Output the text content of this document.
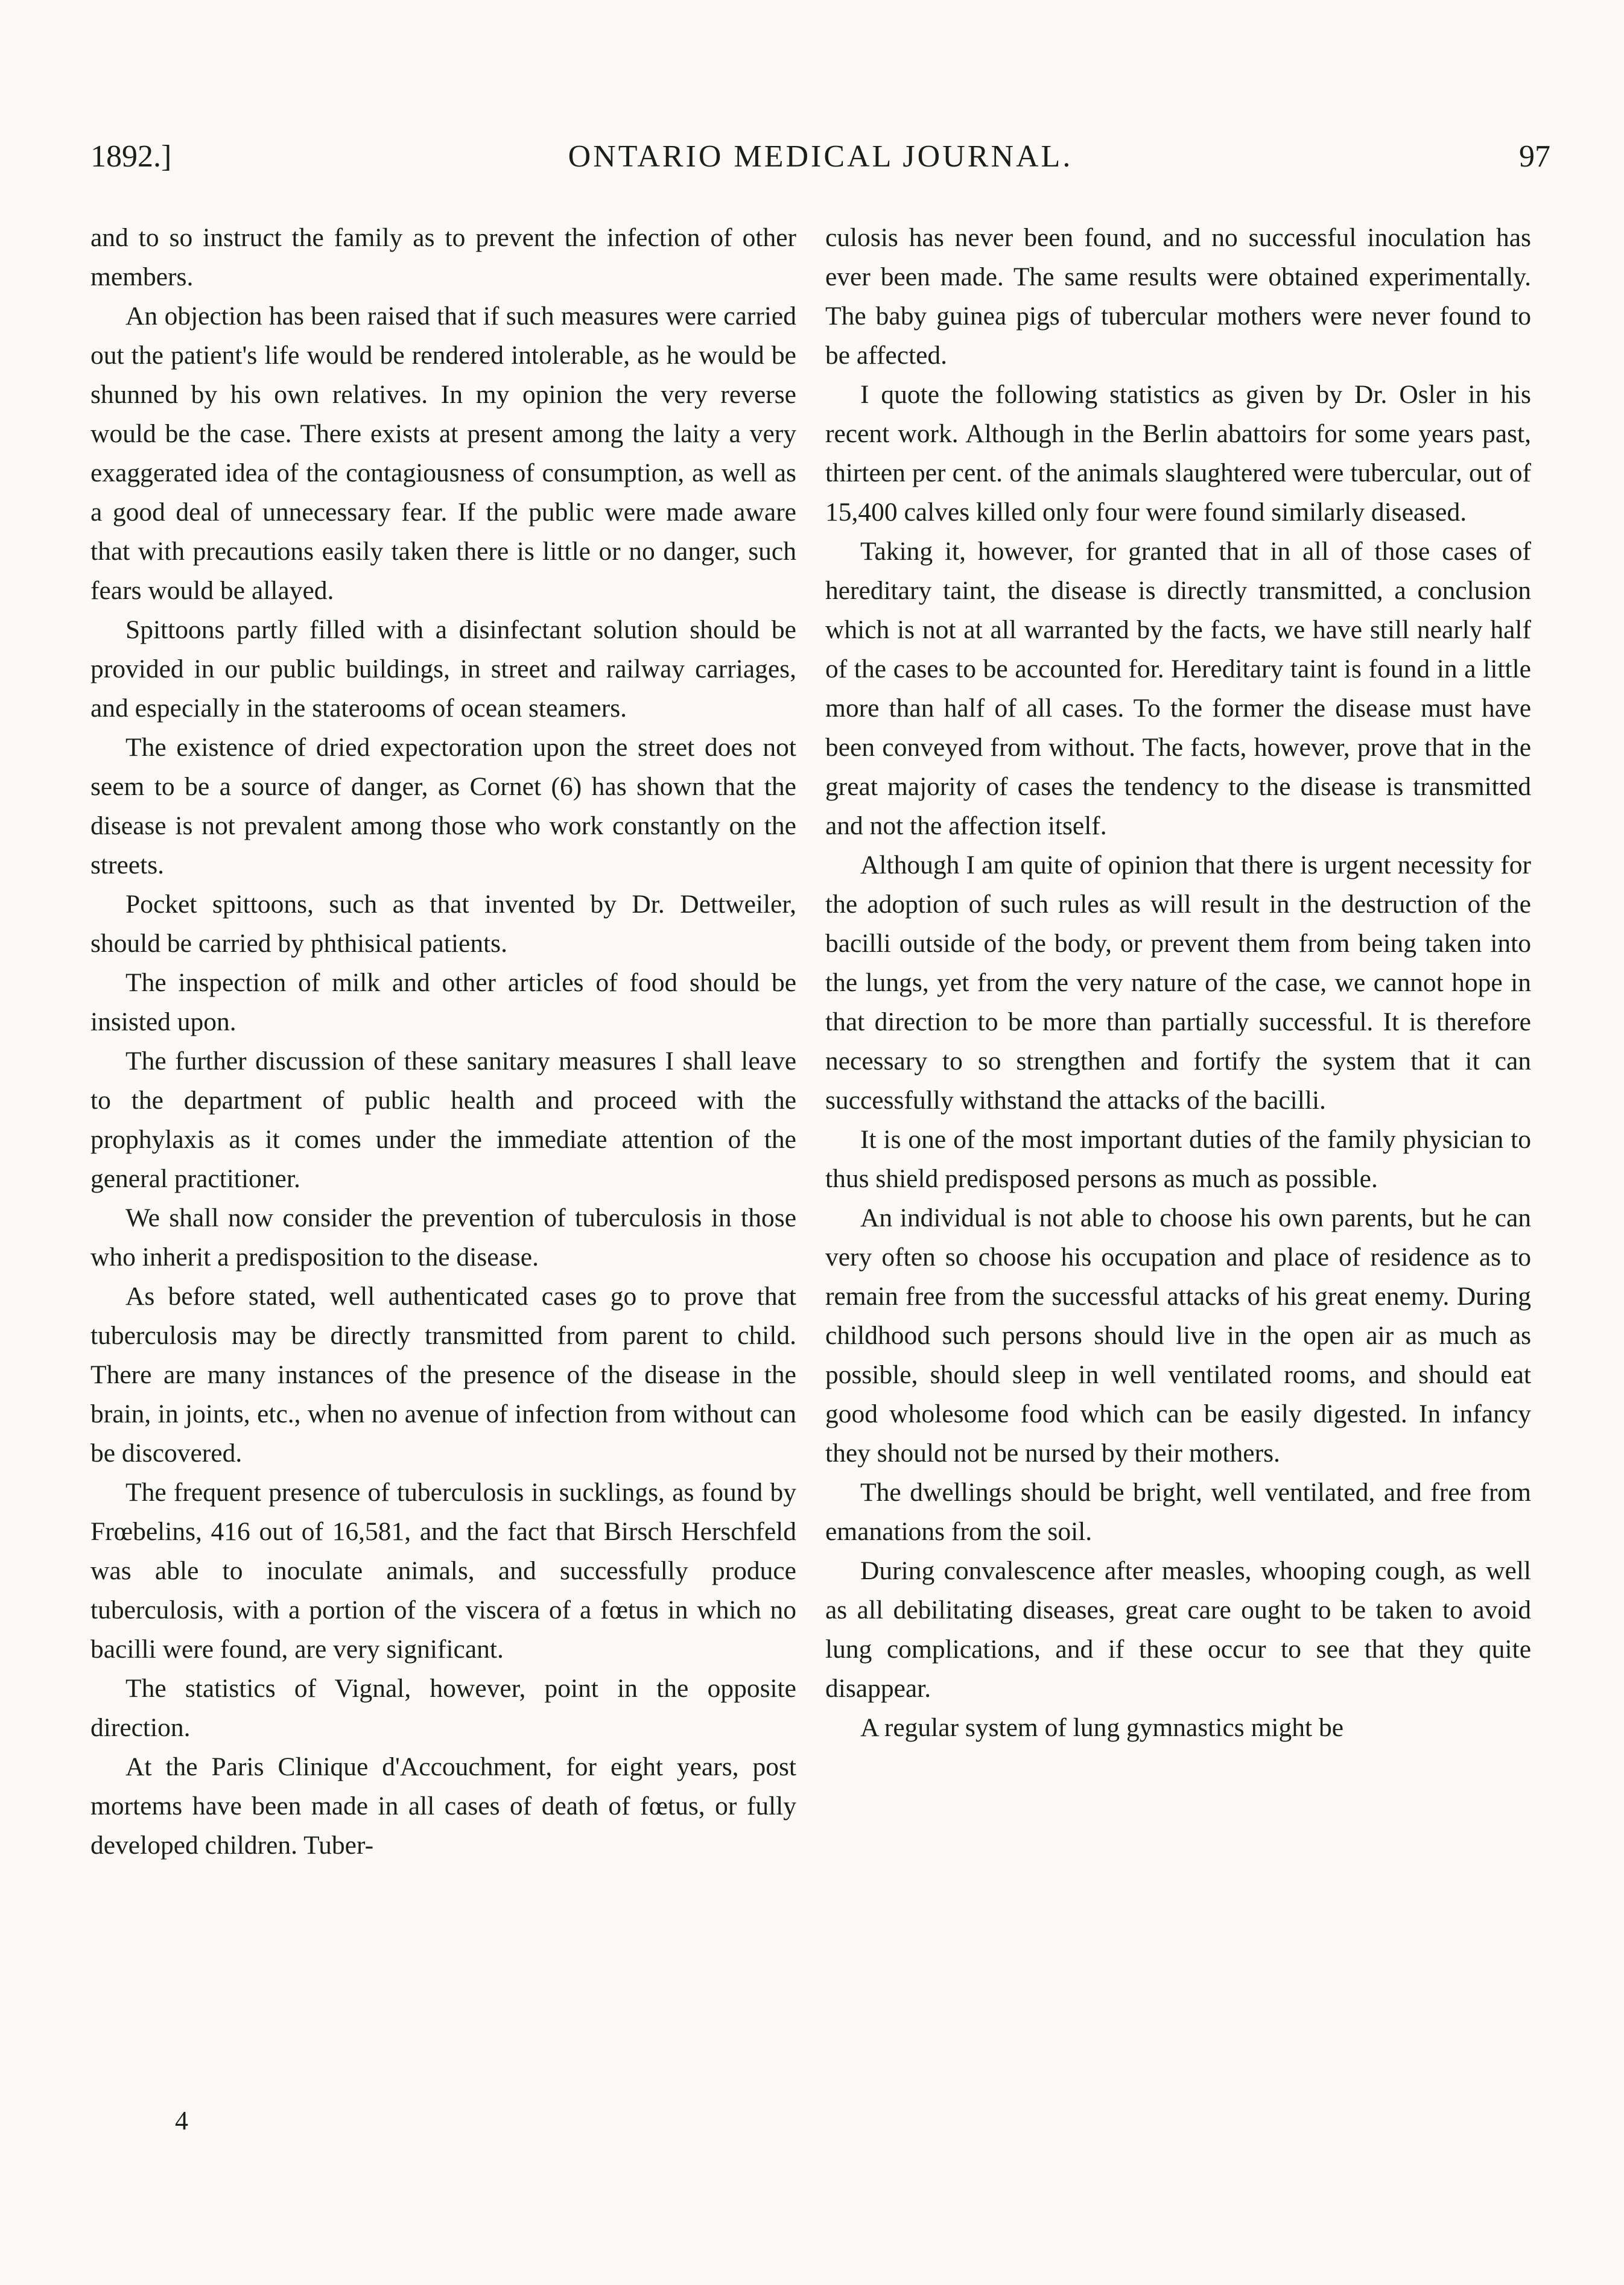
1892.]	ONTARIO MEDICAL JOURNAL.	97

and to so instruct the family as to prevent the infection of other members.

An objection has been raised that if such measures were carried out the patient's life would be rendered intolerable, as he would be shunned by his own relatives. In my opinion the very reverse would be the case. There exists at present among the laity a very exaggerated idea of the contagiousness of consumption, as well as a good deal of unnecessary fear. If the public were made aware that with precautions easily taken there is little or no danger, such fears would be allayed.

Spittoons partly filled with a disinfectant solution should be provided in our public buildings, in street and railway carriages, and especially in the staterooms of ocean steamers.

The existence of dried expectoration upon the street does not seem to be a source of danger, as Cornet (6) has shown that the disease is not prevalent among those who work constantly on the streets.

Pocket spittoons, such as that invented by Dr. Dettweiler, should be carried by phthisical patients.

The inspection of milk and other articles of food should be insisted upon.

The further discussion of these sanitary measures I shall leave to the department of public health and proceed with the prophylaxis as it comes under the immediate attention of the general practitioner.

We shall now consider the prevention of tuberculosis in those who inherit a predisposition to the disease.

As before stated, well authenticated cases go to prove that tuberculosis may be directly transmitted from parent to child. There are many instances of the presence of the disease in the brain, in joints, etc., when no avenue of infection from without can be discovered.

The frequent presence of tuberculosis in sucklings, as found by Frœbelins, 416 out of 16,581, and the fact that Birsch Herschfeld was able to inoculate animals, and successfully produce tuberculosis, with a portion of the viscera of a fœtus in which no bacilli were found, are very significant.

The statistics of Vignal, however, point in the opposite direction.

At the Paris Clinique d'Accouchment, for eight years, post mortems have been made in all cases of death of fœtus, or fully developed children. Tuber-

culosis has never been found, and no successful inoculation has ever been made. The same results were obtained experimentally. The baby guinea pigs of tubercular mothers were never found to be affected.

I quote the following statistics as given by Dr. Osler in his recent work. Although in the Berlin abattoirs for some years past, thirteen per cent. of the animals slaughtered were tubercular, out of 15,400 calves killed only four were found similarly diseased.

Taking it, however, for granted that in all of those cases of hereditary taint, the disease is directly transmitted, a conclusion which is not at all warranted by the facts, we have still nearly half of the cases to be accounted for. Hereditary taint is found in a little more than half of all cases. To the former the disease must have been conveyed from without. The facts, however, prove that in the great majority of cases the tendency to the disease is transmitted and not the affection itself.

Although I am quite of opinion that there is urgent necessity for the adoption of such rules as will result in the destruction of the bacilli outside of the body, or prevent them from being taken into the lungs, yet from the very nature of the case, we cannot hope in that direction to be more than partially successful. It is therefore necessary to so strengthen and fortify the system that it can successfully withstand the attacks of the bacilli.

It is one of the most important duties of the family physician to thus shield predisposed persons as much as possible.

An individual is not able to choose his own parents, but he can very often so choose his occupation and place of residence as to remain free from the successful attacks of his great enemy. During childhood such persons should live in the open air as much as possible, should sleep in well ventilated rooms, and should eat good wholesome food which can be easily digested. In infancy they should not be nursed by their mothers.

The dwellings should be bright, well ventilated, and free from emanations from the soil.

During convalescence after measles, whooping cough, as well as all debilitating diseases, great care ought to be taken to avoid lung complications, and if these occur to see that they quite disappear.

A regular system of lung gymnastics might be

4
